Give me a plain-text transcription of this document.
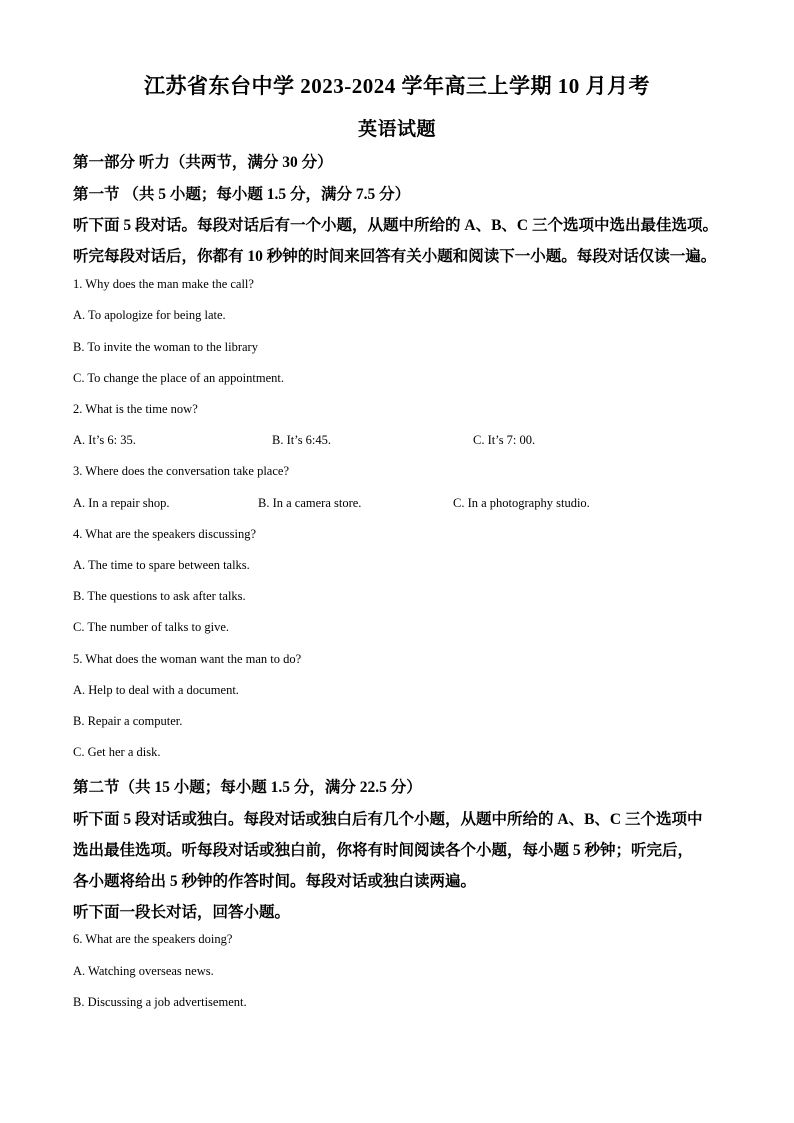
江苏省东台中学 2023-2024 学年高三上学期 10 月月考
英语试题
第一部分 听力（共两节，满分 30 分）
第一节 （共 5 小题；每小题 1.5 分，满分 7.5 分）
听下面 5 段对话。每段对话后有一个小题，从题中所给的 A、B、C 三个选项中选出最佳选项。
听完每段对话后，你都有 10 秒钟的时间来回答有关小题和阅读下一小题。每段对话仅读一遍。
1. Why does the man make the call?
A. To apologize for being late.
B. To invite the woman to the library
C. To change the place of an appointment.
2. What is the time now?
A. It’s 6: 35.	B. It’s 6:45.	C. It’s 7: 00.
3. Where does the conversation take place?
A. In a repair shop.	B. In a camera store.	C. In a photography studio.
4. What are the speakers discussing?
A. The time to spare between talks.
B. The questions to ask after talks.
C. The number of talks to give.
5. What does the woman want the man to do?
A. Help to deal with a document.
B. Repair a computer.
C. Get her a disk.
第二节（共 15 小题；每小题 1.5 分，满分 22.5 分）
听下面 5 段对话或独白。每段对话或独白后有几个小题，从题中所给的 A、B、C 三个选项中
选出最佳选项。听每段对话或独白前，你将有时间阅读各个小题，每小题 5 秒钟；听完后，
各小题将给出 5 秒钟的作答时间。每段对话或独白读两遍。
听下面一段长对话，回答小题。
6. What are the speakers doing?
A. Watching overseas news.
B. Discussing a job advertisement.
